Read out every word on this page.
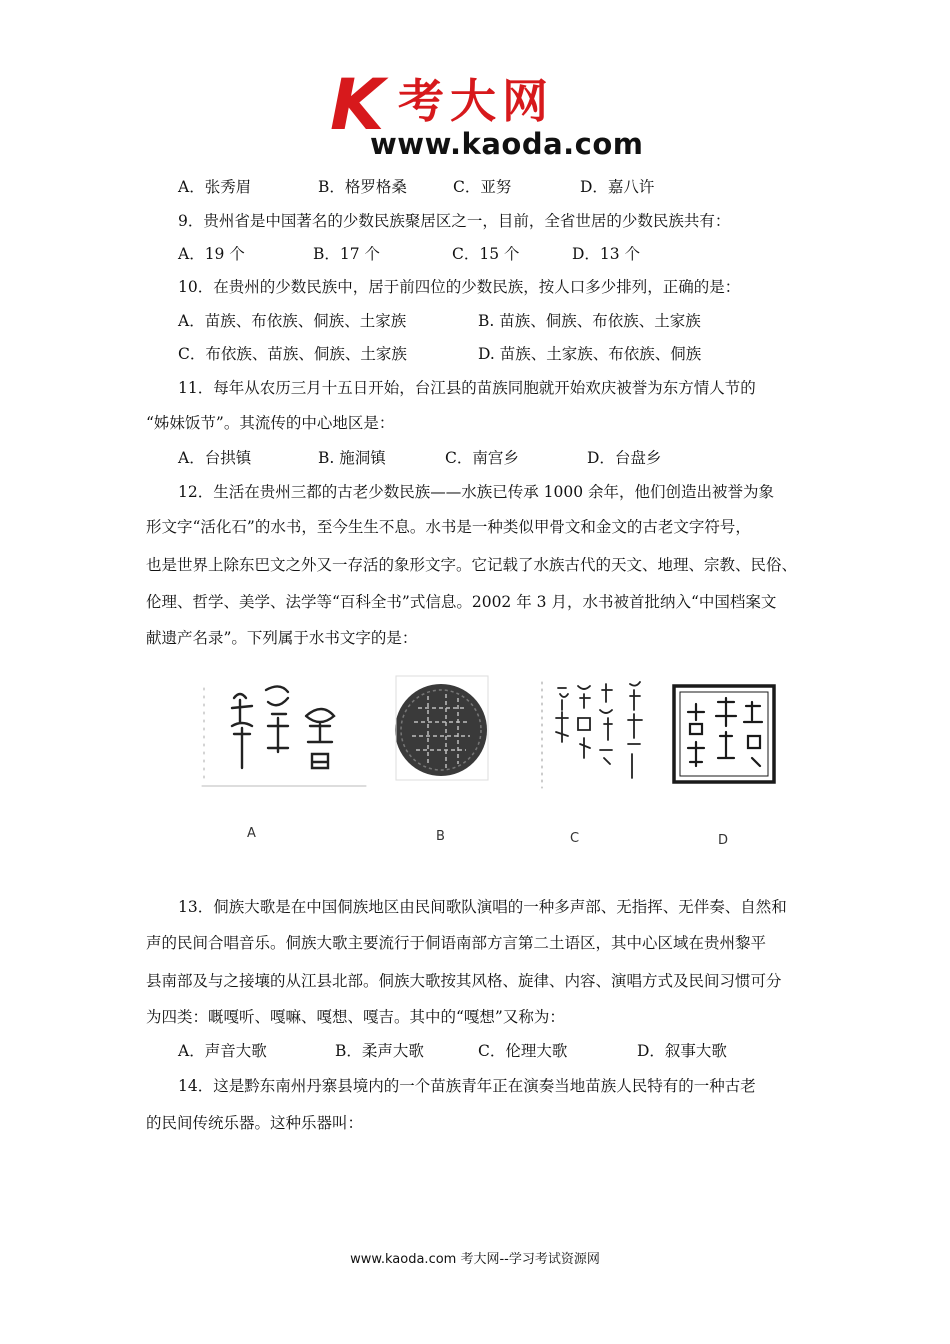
K 考大网
www.kaoda.com
A．张秀眉	B．格罗格桑	C．亚努	D．嘉八许
9．贵州省是中国著名的少数民族聚居区之一，目前，全省世居的少数民族共有：
A．19 个	B．17 个	C．15 个	D．13 个
10．在贵州的少数民族中，居于前四位的少数民族，按人口多少排列，正确的是：
A．苗族、布依族、侗族、土家族	B. 苗族、侗族、布依族、土家族
C．布依族、苗族、侗族、土家族	D. 苗族、土家族、布依族、侗族
11．每年从农历三月十五日开始，台江县的苗族同胞就开始欢庆被誉为东方情人节的
“姊妹饭节”。其流传的中心地区是：
A．台拱镇	B. 施洞镇	C．南宫乡	D．台盘乡
12．生活在贵州三都的古老少数民族——水族已传承 1000 余年，他们创造出被誉为象
形文字“活化石”的水书，至今生生不息。水书是一种类似甲骨文和金文的古老文字符号，
也是世界上除东巴文之外又一存活的象形文字。它记载了水族古代的天文、地理、宗教、民俗、
伦理、哲学、美学、法学等“百科全书”式信息。2002 年 3 月，水书被首批纳入“中国档案文
献遗产名录”。下列属于水书文字的是：
A	B	C	D
13．侗族大歌是在中国侗族地区由民间歌队演唱的一种多声部、无指挥、无伴奏、自然和
声的民间合唱音乐。侗族大歌主要流行于侗语南部方言第二土语区，其中心区域在贵州黎平
县南部及与之接壤的从江县北部。侗族大歌按其风格、旋律、内容、演唱方式及民间习惯可分
为四类：嘅嘎听、嘎嘛、嘎想、嘎吉。其中的“嘎想”又称为：
A．声音大歌	B．柔声大歌	C．伦理大歌	D．叙事大歌
14．这是黔东南州丹寨县境内的一个苗族青年正在演奏当地苗族人民特有的一种古老
的民间传统乐器。这种乐器叫：
www.kaoda.com 考大网--学习考试资源网
